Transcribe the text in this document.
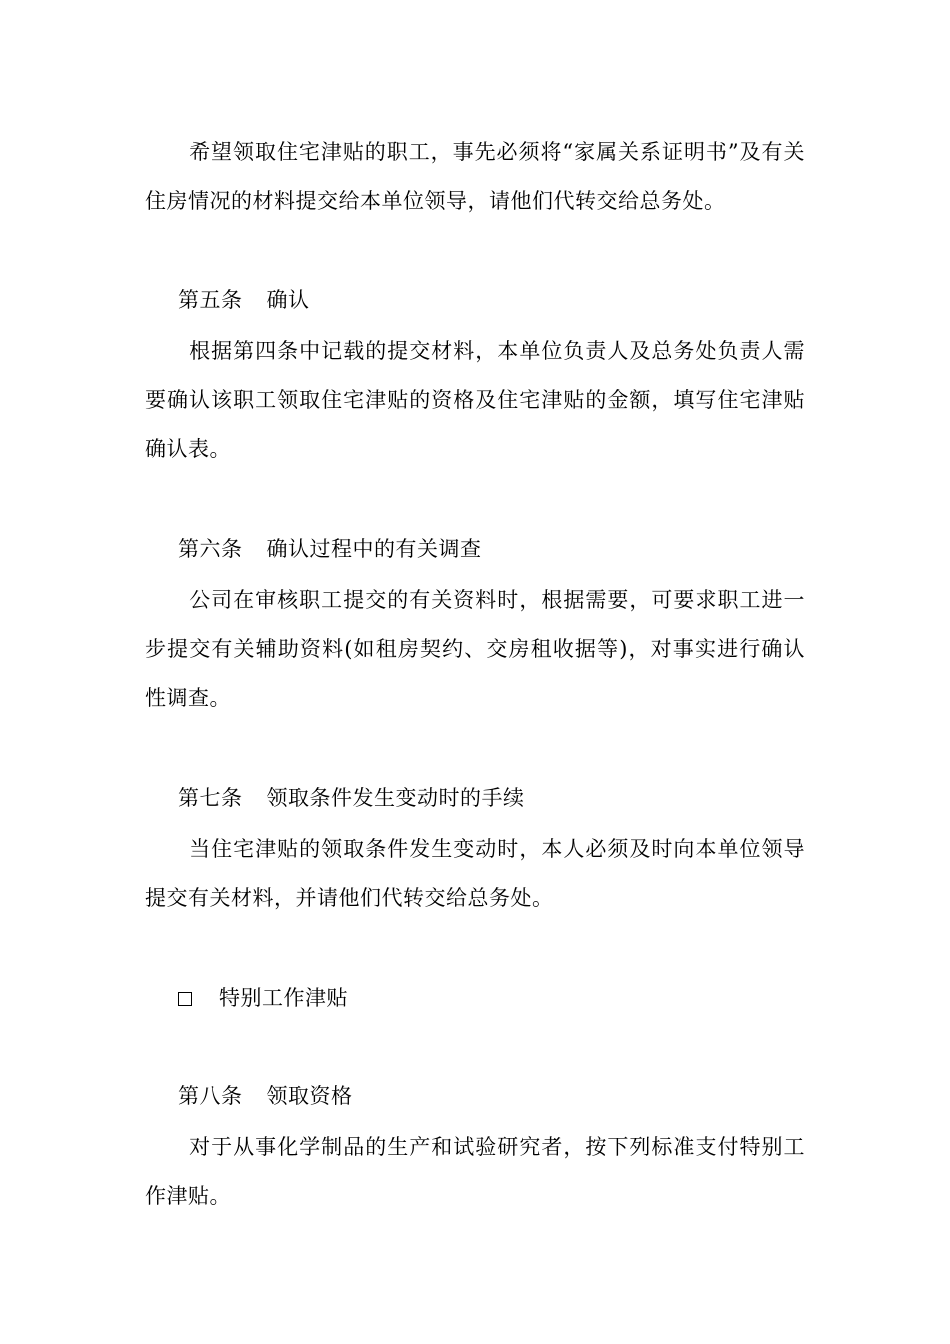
希望领取住宅津贴的职工，事先必须将“家属关系证明书”及有关住房情况的材料提交给本单位领导，请他们代转交给总务处。

第五条 确认

根据第四条中记载的提交材料，本单位负责人及总务处负责人需要确认该职工领取住宅津贴的资格及住宅津贴的金额，填写住宅津贴确认表。

第六条 确认过程中的有关调查

公司在审核职工提交的有关资料时，根据需要，可要求职工进一步提交有关辅助资料(如租房契约、交房租收据等)，对事实进行确认性调查。

第七条 领取条件发生变动时的手续

当住宅津贴的领取条件发生变动时，本人必须及时向本单位领导提交有关材料，并请他们代转交给总务处。

特别工作津贴
第八条 领取资格

对于从事化学制品的生产和试验研究者，按下列标准支付特别工作津贴。
